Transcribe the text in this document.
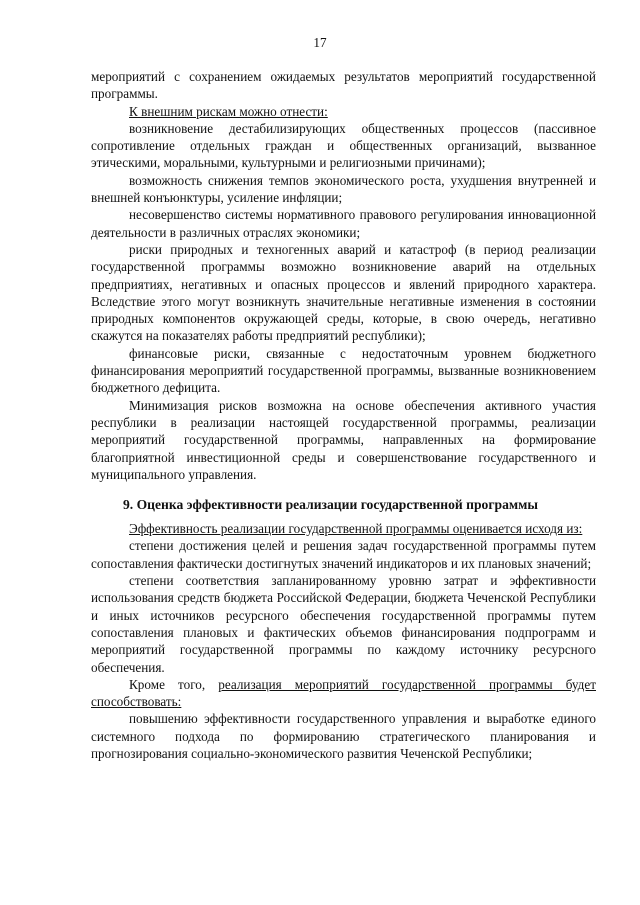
17

мероприятий с сохранением ожидаемых результатов мероприятий государственной программы.

К внешним рискам можно отнести:

возникновение дестабилизирующих общественных процессов (пассивное сопротивление отдельных граждан и общественных организаций, вызванное этическими, моральными, культурными и религиозными причинами);

возможность снижения темпов экономического роста, ухудшения внутренней и внешней конъюнктуры, усиление инфляции;

несовершенство системы нормативного правового регулирования инновационной деятельности в различных отраслях экономики;

риски природных и техногенных аварий и катастроф (в период реализации государственной программы возможно возникновение аварий на отдельных предприятиях, негативных и опасных процессов и явлений природного характера. Вследствие этого могут возникнуть значительные негативные изменения в состоянии природных компонентов окружающей среды, которые, в свою очередь, негативно скажутся на показателях работы предприятий республики);

финансовые риски, связанные с недостаточным уровнем бюджетного финансирования мероприятий государственной программы, вызванные возникновением бюджетного дефицита.

Минимизация рисков возможна на основе обеспечения активного участия республики в реализации настоящей государственной программы, реализации мероприятий государственной программы, направленных на формирование благоприятной инвестиционной среды и совершенствование государственного и муниципального управления.

9. Оценка эффективности реализации государственной программы

Эффективность реализации государственной программы оценивается исходя из:

степени достижения целей и решения задач государственной программы путем сопоставления фактически достигнутых значений индикаторов и их плановых значений;

степени соответствия запланированному уровню затрат и эффективности использования средств бюджета Российской Федерации, бюджета Чеченской Республики и иных источников ресурсного обеспечения государственной программы путем сопоставления плановых и фактических объемов финансирования подпрограмм и мероприятий государственной программы по каждому источнику ресурсного обеспечения.

Кроме того, реализация мероприятий государственной программы будет способствовать:

повышению эффективности государственного управления и выработке единого системного подхода по формированию стратегического планирования и прогнозирования социально-экономического развития Чеченской Республики;
